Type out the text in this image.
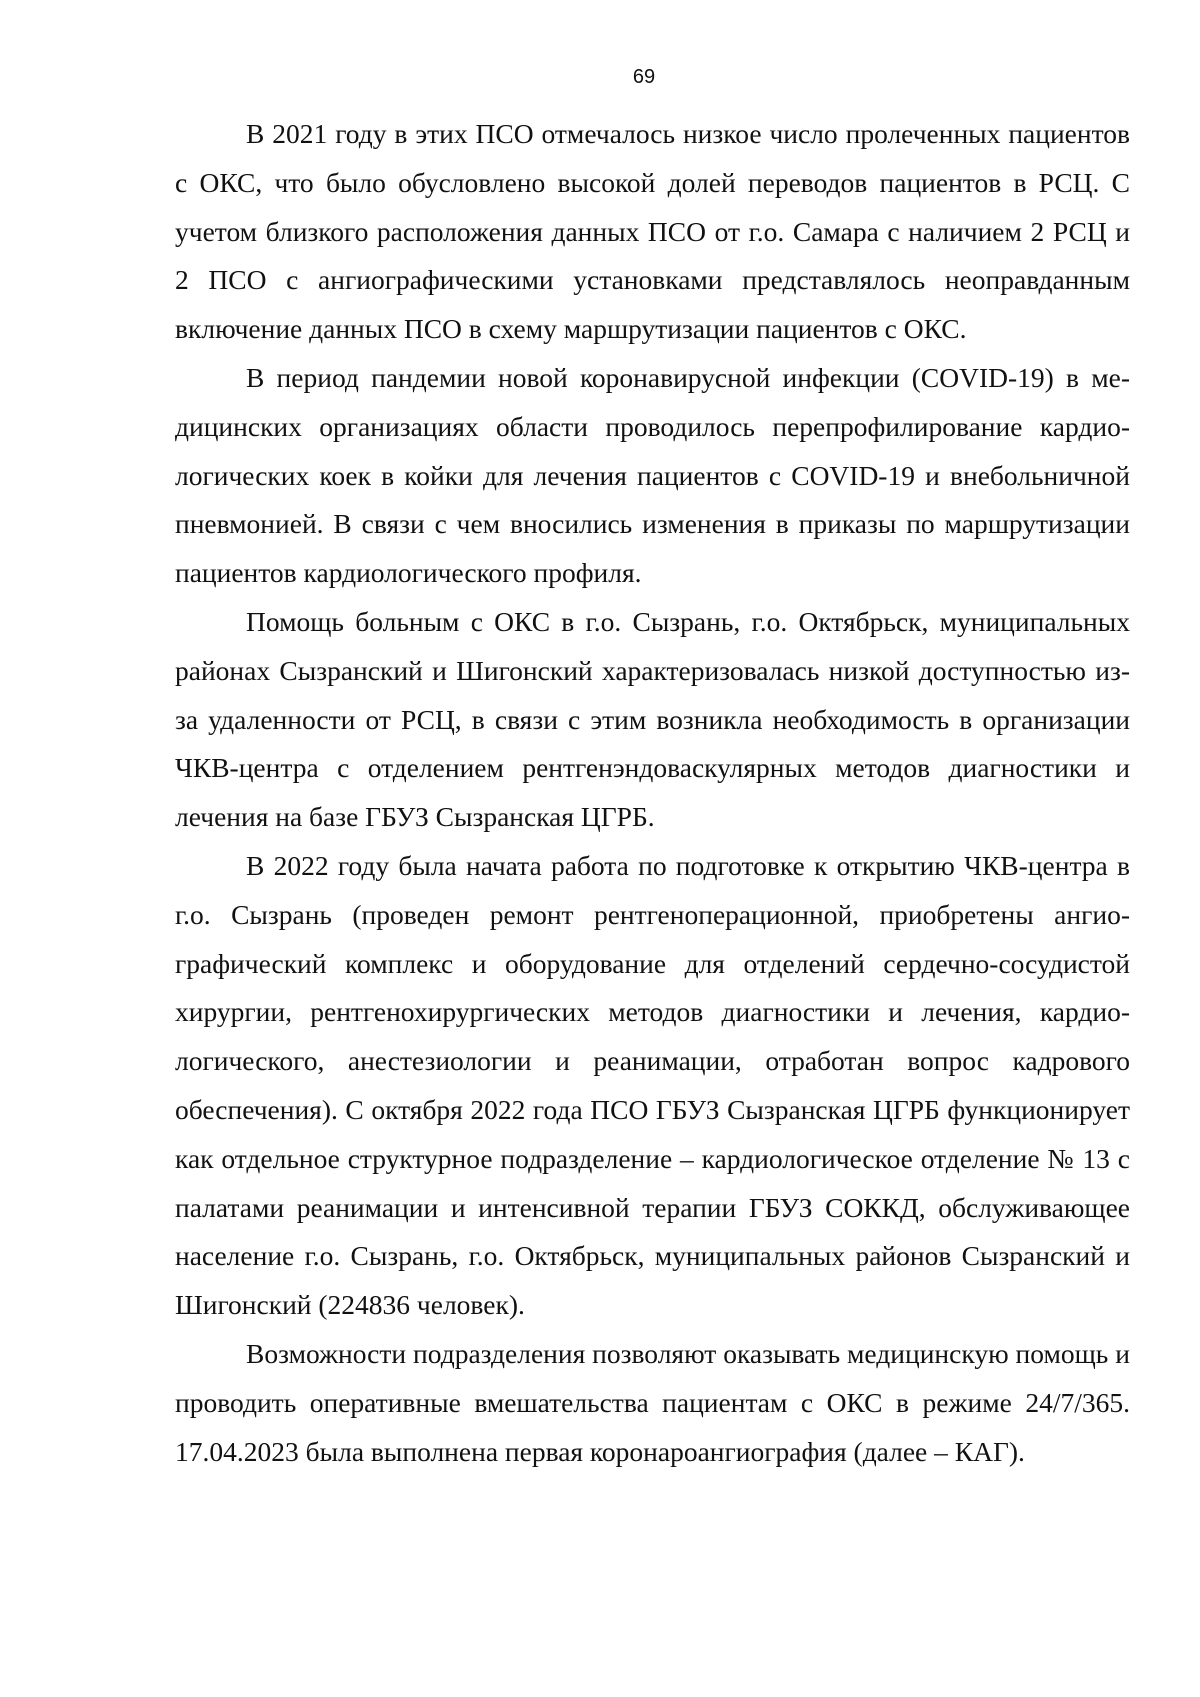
69

В 2021 году в этих ПСО отмечалось низкое число пролеченных пациентов с ОКС, что было обусловлено высокой долей переводов пациентов в РСЦ. С учетом близкого расположения данных ПСО от г.о. Самара с наличием 2 РСЦ и 2 ПСО с ангиографическими установками представлялось неоправданным включение данных ПСО в схему маршрутизации пациентов с ОКС.

В период пандемии новой коронавирусной инфекции (COVID-19) в медицинских организациях области проводилось перепрофилирование кардиологических коек в койки для лечения пациентов с COVID-19 и внебольничной пневмонией. В связи с чем вносились изменения в приказы по маршрутизации пациентов кардиологического профиля.

Помощь больным с ОКС в г.о. Сызрань, г.о. Октябрьск, муниципальных районах Сызранский и Шигонский характеризовалась низкой доступностью из-за удаленности от РСЦ, в связи с этим возникла необходимость в организации ЧКВ-центра с отделением рентгенэндоваскулярных методов диагностики и лечения на базе ГБУЗ Сызранская ЦГРБ.

В 2022 году была начата работа по подготовке к открытию ЧКВ-центра в г.о. Сызрань (проведен ремонт рентгеноперационной, приобретены ангиографический комплекс и оборудование для отделений сердечно-сосудистой хирургии, рентгенохирургических методов диагностики и лечения, кардиологического, анестезиологии и реанимации, отработан вопрос кадрового обеспечения). С октября 2022 года ПСО ГБУЗ Сызранская ЦГРБ функционирует как отдельное структурное подразделение – кардиологическое отделение № 13 с палатами реанимации и интенсивной терапии ГБУЗ СОККД, обслуживающее население г.о. Сызрань, г.о. Октябрьск, муниципальных районов Сызранский и Шигонский (224836 человек).

Возможности подразделения позволяют оказывать медицинскую помощь и проводить оперативные вмешательства пациентам с ОКС в режиме 24/7/365. 17.04.2023 была выполнена первая коронароангиография (далее – КАГ).
